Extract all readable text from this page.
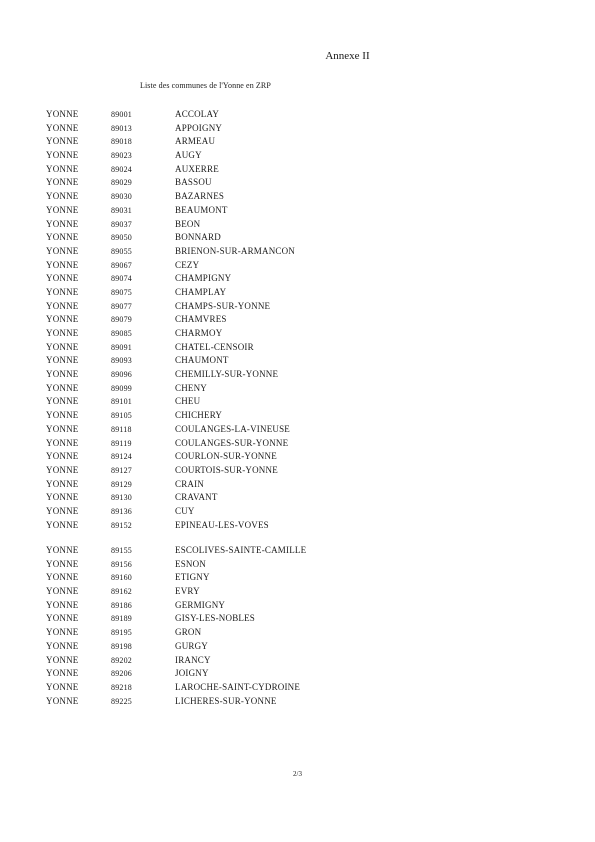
Annexe II
Liste des communes de l'Yonne en ZRP
YONNE	89001	ACCOLAY
YONNE	89013	APPOIGNY
YONNE	89018	ARMEAU
YONNE	89023	AUGY
YONNE	89024	AUXERRE
YONNE	89029	BASSOU
YONNE	89030	BAZARNES
YONNE	89031	BEAUMONT
YONNE	89037	BEON
YONNE	89050	BONNARD
YONNE	89055	BRIENON-SUR-ARMANCON
YONNE	89067	CEZY
YONNE	89074	CHAMPIGNY
YONNE	89075	CHAMPLAY
YONNE	89077	CHAMPS-SUR-YONNE
YONNE	89079	CHAMVRES
YONNE	89085	CHARMOY
YONNE	89091	CHATEL-CENSOIR
YONNE	89093	CHAUMONT
YONNE	89096	CHEMILLY-SUR-YONNE
YONNE	89099	CHENY
YONNE	89101	CHEU
YONNE	89105	CHICHERY
YONNE	89118	COULANGES-LA-VINEUSE
YONNE	89119	COULANGES-SUR-YONNE
YONNE	89124	COURLON-SUR-YONNE
YONNE	89127	COURTOIS-SUR-YONNE
YONNE	89129	CRAIN
YONNE	89130	CRAVANT
YONNE	89136	CUY
YONNE	89152	EPINEAU-LES-VOVES
YONNE	89155	ESCOLIVES-SAINTE-CAMILLE
YONNE	89156	ESNON
YONNE	89160	ETIGNY
YONNE	89162	EVRY
YONNE	89186	GERMIGNY
YONNE	89189	GISY-LES-NOBLES
YONNE	89195	GRON
YONNE	89198	GURGY
YONNE	89202	IRANCY
YONNE	89206	JOIGNY
YONNE	89218	LAROCHE-SAINT-CYDROINE
YONNE	89225	LICHERES-SUR-YONNE
2/3
